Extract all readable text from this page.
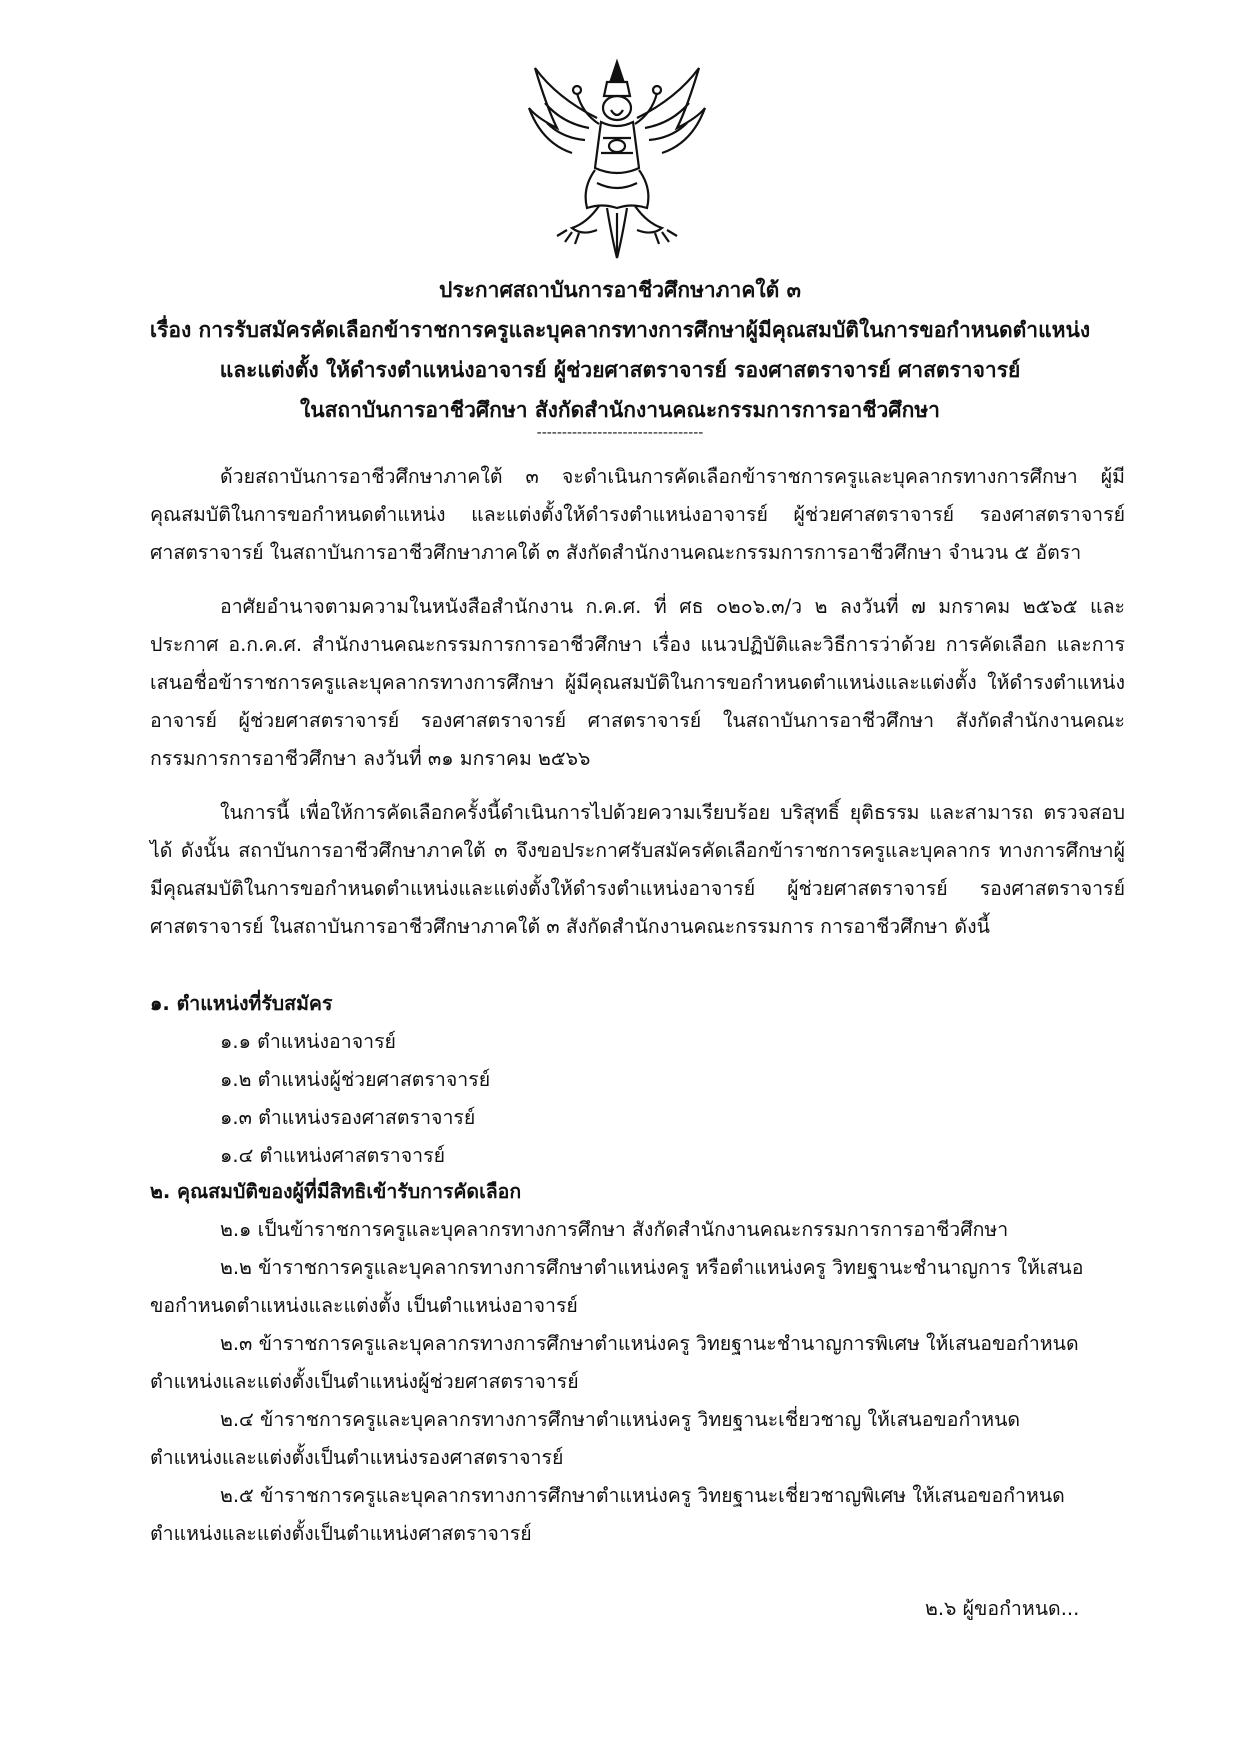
ประกาศสถาบันการอาชีวศึกษาภาคใต้ ๓
เรื่อง การรับสมัครคัดเลือกข้าราชการครูและบุคลากรทางการศึกษาผู้มีคุณสมบัติในการขอกำหนดตำแหน่ง
และแต่งตั้ง ให้ดำรงตำแหน่งอาจารย์ ผู้ช่วยศาสตราจารย์ รองศาสตราจารย์ ศาสตราจารย์
ในสถาบันการอาชีวศึกษา สังกัดสำนักงานคณะกรรมการการอาชีวศึกษา
---------------------------------
ด้วยสถาบันการอาชีวศึกษาภาคใต้ ๓ จะดำเนินการคัดเลือกข้าราชการครูและบุคลากรทางการศึกษา ผู้มีคุณสมบัติในการขอกำหนดตำแหน่ง และแต่งตั้งให้ดำรงตำแหน่งอาจารย์ ผู้ช่วยศาสตราจารย์ รองศาสตราจารย์ ศาสตราจารย์ ในสถาบันการอาชีวศึกษาภาคใต้ ๓ สังกัดสำนักงานคณะกรรมการการอาชีวศึกษา จำนวน ๕ อัตรา
อาศัยอำนาจตามความในหนังสือสำนักงาน ก.ค.ศ. ที่ ศธ ๐๒๐๖.๓/ว ๒ ลงวันที่ ๗ มกราคม ๒๕๖๕ และประกาศ อ.ก.ค.ศ. สำนักงานคณะกรรมการการอาชีวศึกษา เรื่อง แนวปฏิบัติและวิธีการว่าด้วย การคัดเลือก และการเสนอชื่อข้าราชการครูและบุคลากรทางการศึกษา ผู้มีคุณสมบัติในการขอกำหนดตำแหน่งและแต่งตั้ง ให้ดำรงตำแหน่งอาจารย์ ผู้ช่วยศาสตราจารย์ รองศาสตราจารย์ ศาสตราจารย์ ในสถาบันการอาชีวศึกษา สังกัดสำนักงานคณะกรรมการการอาชีวศึกษา ลงวันที่ ๓๑ มกราคม ๒๕๖๖
ในการนี้ เพื่อให้การคัดเลือกครั้งนี้ดำเนินการไปด้วยความเรียบร้อย บริสุทธิ์ ยุติธรรม และสามารถ ตรวจสอบได้ ดังนั้น สถาบันการอาชีวศึกษาภาคใต้ ๓ จึงขอประกาศรับสมัครคัดเลือกข้าราชการครูและบุคลากร ทางการศึกษาผู้มีคุณสมบัติในการขอกำหนดตำแหน่งและแต่งตั้งให้ดำรงตำแหน่งอาจารย์ ผู้ช่วยศาสตราจารย์ รองศาสตราจารย์ ศาสตราจารย์ ในสถาบันการอาชีวศึกษาภาคใต้ ๓ สังกัดสำนักงานคณะกรรมการ การอาชีวศึกษา ดังนี้
๑. ตำแหน่งที่รับสมัคร
๑.๑ ตำแหน่งอาจารย์
๑.๒ ตำแหน่งผู้ช่วยศาสตราจารย์
๑.๓ ตำแหน่งรองศาสตราจารย์
๑.๔ ตำแหน่งศาสตราจารย์
๒. คุณสมบัติของผู้ที่มีสิทธิเข้ารับการคัดเลือก
๒.๑ เป็นข้าราชการครูและบุคลากรทางการศึกษา สังกัดสำนักงานคณะกรรมการการอาชีวศึกษา
๒.๒ ข้าราชการครูและบุคลากรทางการศึกษาตำแหน่งครู หรือตำแหน่งครู วิทยฐานะชำนาญการ ให้เสนอ
ขอกำหนดตำแหน่งและแต่งตั้ง เป็นตำแหน่งอาจารย์
๒.๓ ข้าราชการครูและบุคลากรทางการศึกษาตำแหน่งครู วิทยฐานะชำนาญการพิเศษ ให้เสนอขอกำหนด
ตำแหน่งและแต่งตั้งเป็นตำแหน่งผู้ช่วยศาสตราจารย์
๒.๔ ข้าราชการครูและบุคลากรทางการศึกษาตำแหน่งครู วิทยฐานะเชี่ยวชาญ ให้เสนอขอกำหนด
ตำแหน่งและแต่งตั้งเป็นตำแหน่งรองศาสตราจารย์
๒.๕ ข้าราชการครูและบุคลากรทางการศึกษาตำแหน่งครู วิทยฐานะเชี่ยวชาญพิเศษ ให้เสนอขอกำหนด
ตำแหน่งและแต่งตั้งเป็นตำแหน่งศาสตราจารย์
๒.๖ ผู้ขอกำหนด...
